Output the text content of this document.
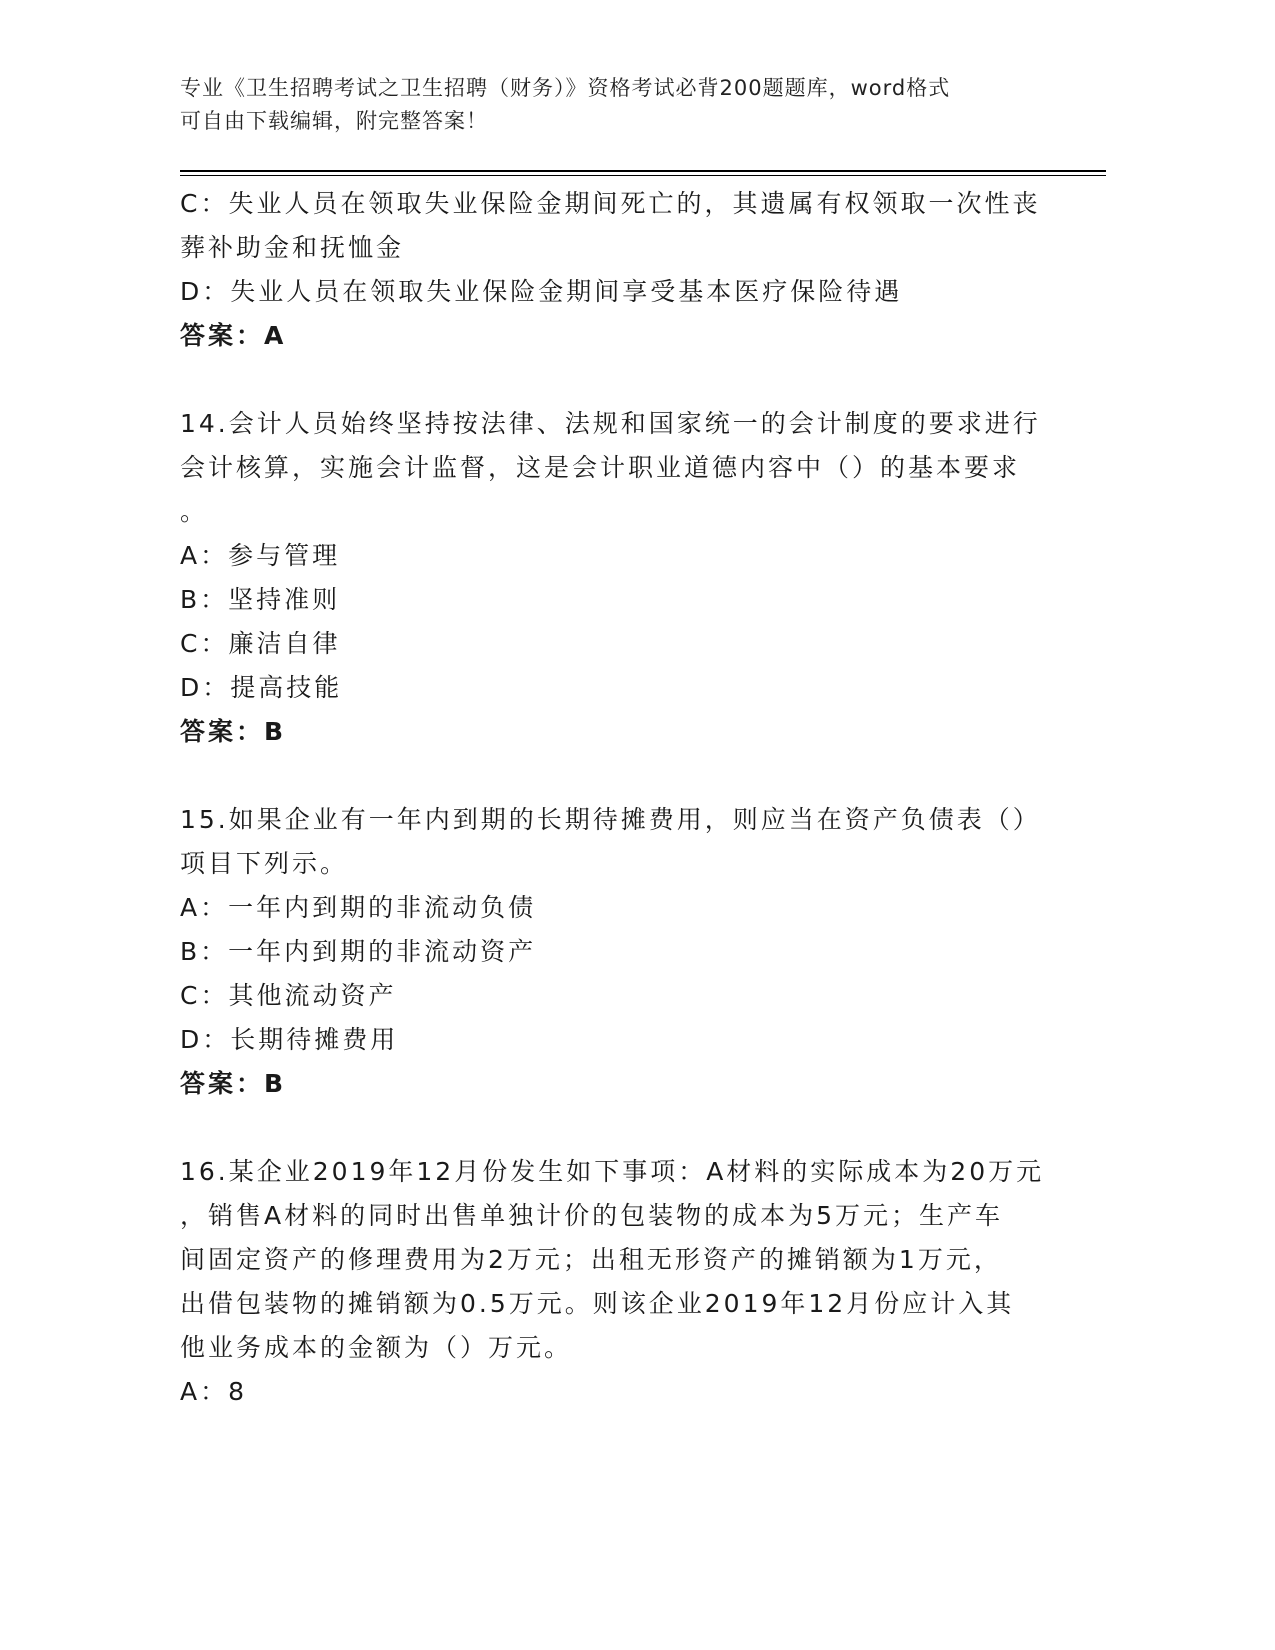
专业《卫生招聘考试之卫生招聘（财务）》资格考试必背200题题库，word格式
可自由下载编辑，附完整答案！
C：失业人员在领取失业保险金期间死亡的，其遗属有权领取一次性丧
葬补助金和抚恤金
D：失业人员在领取失业保险金期间享受基本医疗保险待遇
答案：A
14.会计人员始终坚持按法律、法规和国家统一的会计制度的要求进行
会计核算，实施会计监督，这是会计职业道德内容中（）的基本要求
。
A：参与管理
B：坚持准则
C：廉洁自律
D：提高技能
答案：B
15.如果企业有一年内到期的长期待摊费用，则应当在资产负债表（）
项目下列示。
A：一年内到期的非流动负债
B：一年内到期的非流动资产
C：其他流动资产
D：长期待摊费用
答案：B
16.某企业2019年12月份发生如下事项：A材料的实际成本为20万元
，销售A材料的同时出售单独计价的包装物的成本为5万元；生产车
间固定资产的修理费用为2万元；出租无形资产的摊销额为1万元，
出借包装物的摊销额为0.5万元。则该企业2019年12月份应计入其
他业务成本的金额为（）万元。
A：8
